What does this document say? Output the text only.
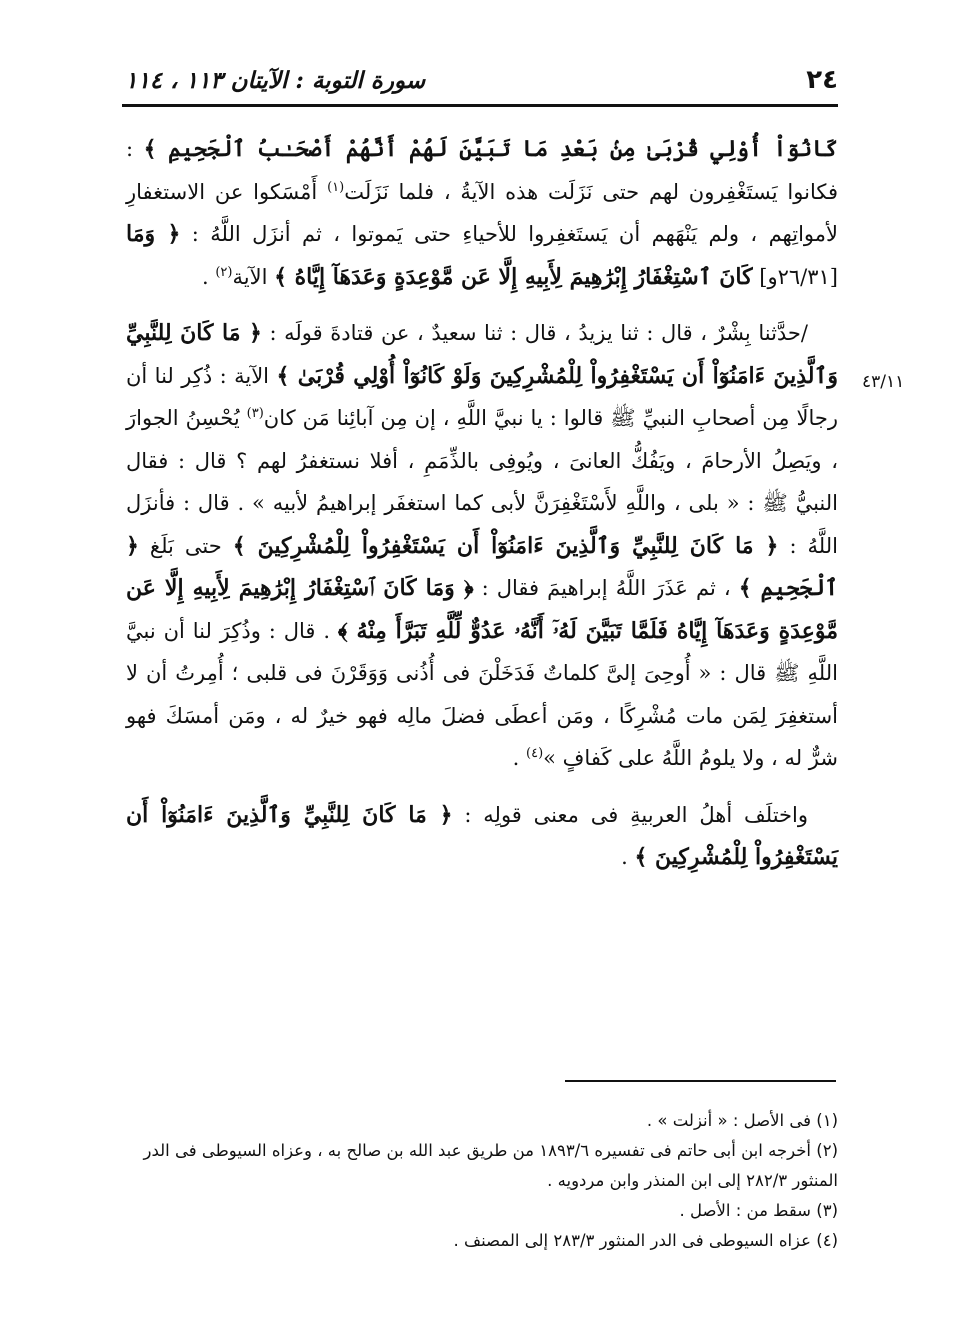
٢٤
سورة التوبة : الآيتان ١١٣ ، ١١٤
٤٣/١١

كَانُوٓاْ أُوْلِي قُرْبَىٰ مِنۢ بَعْدِ مَا تَبَيَّنَ لَهُمْ أَنَّهُمْ أَصْحَـٰبُ ٱلْجَحِيمِ ﴾ : فكانوا يَستَغْفِرون لهم حتى نَزَلَت هذه الآيةُ ، فلما نَزَلَت$^{(١)}$ أَمْسَكوا عن الاستغفارِ لأمواتِهم ، ولم يَنْهَهم أن يَستَغفِروا للأحياءِ حتى يَموتوا ، ثم أنزَل اللَّهُ : ﴿ وَمَا [٢٦/٣١و] كَانَ ٱسْتِغْفَارُ إِبْرَٰهِيمَ لِأَبِيهِ إِلَّا عَن مَّوْعِدَةٍ وَعَدَهَآ إِيَّاهُ ﴾ الآية$^{(٢)}$ .

/حدَّثنا بِشْرٌ ، قال : ثنا يزيدُ ، قال : ثنا سعيدٌ ، عن قتادةَ قولَه : ﴿ مَا كَانَ لِلنَّبِيِّ وَٱلَّذِينَ ءَامَنُوٓاْ أَن يَسْتَغْفِرُواْ لِلْمُشْرِكِينَ وَلَوْ كَانُوٓاْ أُوْلِي قُرْبَىٰ ﴾ الآية : ذُكِر لنا أن رجالًا مِن أصحابِ النبيِّ ﷺ قالوا : يا نبيَّ اللَّهِ ، إن مِن آبائِنا مَن كان$^{(٣)}$ يُحْسِنُ الجوارَ ، ويَصِلُ الأرحامَ ، ويَفُكُّ العانىَ ، ويُوفِى بالذِّمَمِ ، أفلا نستغفرُ لهم ؟ قال : فقال النبيُّ ﷺ : « بلى ، واللَّهِ لأَسْتَغْفِرَنَّ لأبى كما استغفَر إبراهيمُ لأبيه » . قال : فأنزَل اللَّهُ : ﴿ مَا كَانَ لِلنَّبِيِّ وَٱلَّذِينَ ءَامَنُوٓاْ أَن يَسْتَغْفِرُواْ لِلْمُشْرِكِينَ ﴾ حتى بَلَغ ﴿ ٱلْجَحِيمِ ﴾ ، ثم عَذَرَ اللَّهُ إبراهيمَ فقال : ﴿ وَمَا كَانَ ٱسْتِغْفَارُ إِبْرَٰهِيمَ لِأَبِيهِ إِلَّا عَن مَّوْعِدَةٍ وَعَدَهَآ إِيَّاهُ فَلَمَّا تَبَيَّنَ لَهُۥٓ أَنَّهُۥ عَدُوٌّ لِّلَّهِ تَبَرَّأَ مِنْهُ ﴾ . قال : وذُكِرَ لنا أن نبيَّ اللَّهِ ﷺ قال : « أُوحِىَ إلىَّ كلماتٌ فَدَخَلْنَ فى أُذُنى وَوَقَرْنَ فى قلبى ؛ أُمِرتُ أن لا أستغفِرَ لِمَن مات مُشْرِكًا ، ومَن أعطَى فضلَ مالِه فهو خيرٌ له ، ومَن أمسَكَ فهو شرٌّ له ، ولا يلومُ اللَّهُ على كَفافٍ »$^{(٤)}$ .

واختلَف أهلُ العربيةِ فى معنى قولِه : ﴿ مَا كَانَ لِلنَّبِيِّ وَٱلَّذِينَ ءَامَنُوٓاْ أَن يَسْتَغْفِرُواْ لِلْمُشْرِكِينَ ﴾ .

(١) فى الأصل : « أنزلت » .

(٢) أخرجه ابن أبى حاتم فى تفسيره ١٨٩٣/٦ من طريق عبد الله بن صالح به ، وعزاه السيوطى فى الدر المنثور ٢٨٢/٣ إلى ابن المنذر وابن مردويه .

(٣) سقط من : الأصل .

(٤) عزاه السيوطى فى الدر المنثور ٢٨٣/٣ إلى المصنف .
